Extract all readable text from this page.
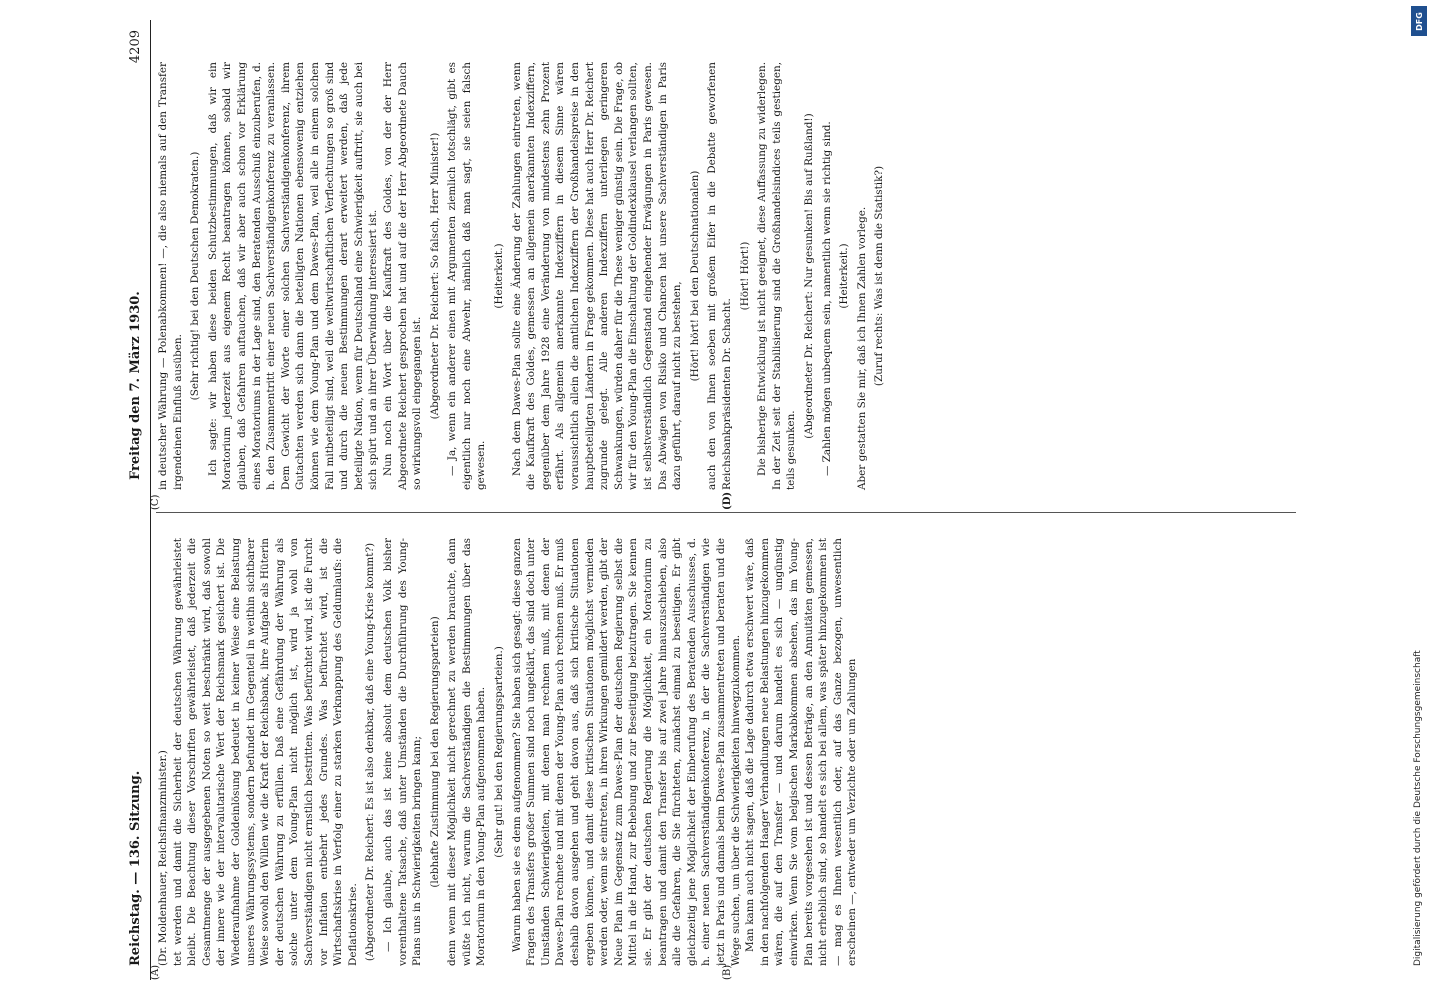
Reichstag. — 136. Sitzung.
Freitag den 7. März 1930.
4209
(A)	(B)
(C)	(D)

(Dr. Moldenhauer, Reichsfinanzminister.) tet werden und damit die Sicherheit der deutschen Währung gewährleistet bleibt. Die Beachtung dieser Vorschriften gewährleistet, daß jederzeit die Gesamtmenge der ausgegebenen Noten so weit beschränkt wird, daß sowohl der innere wie der intervalutarische Wert der Reichsmark gesichert ist. Die Wiederaufnahme der Goldeinlösung bedeutet in keiner Weise eine Belastung unseres Währungssystems, sondern befundet im Gegenteil in weithin sichtbarer Weise sowohl den Willen wie die Kraft der Reichsbank, ihre Aufgabe als Hüterin der deutschen Währung zu erfüllen. Daß eine Gefährdung der Währung als solche unter dem Young-Plan nicht möglich ist, wird ja wohl von Sachverständigen nicht ernstlich bestritten. Was befürchtet wird, ist die Furcht vor Inflation entbehrt jedes Grundes. Was befürchtet wird, ist die Wirtschaftskrise in Verfolg einer zu starken Verknappung des Geldumlaufs: die Deflationskrise. (Abgeordneter Dr. Reichert: Es ist also denkbar, daß eine Young-Krise kommt?) — Ich glaube, auch das ist keine absolut dem deutschen Volk bisher vorenthaltene Tatsache, daß unter Umständen die Durchführung des Young-Plans uns in Schwierigkeiten bringen kann; (lebhafte Zustimmung bei den Regierungsparteien) denn wenn mit dieser Möglichkeit nicht gerechnet zu werden brauchte, dann wüßte ich nicht, warum die Sachverständigen die Bestimmungen über das Moratorium in den Young-Plan aufgenommen haben. (Sehr gut! bei den Regierungsparteien.) Warum haben sie es denn aufgenommen? Sie haben sich gesagt: diese ganzen Fragen des Transfers großer Summen sind noch ungeklärt, das sind doch unter Umständen Schwierigkeiten, mit denen man rechnen muß, mit denen der Dawes-Plan rechnete und mit denen der Young-Plan auch rechnen muß. Er muß deshalb davon ausgehen und geht davon aus, daß sich kritische Situationen ergeben können, und damit diese kritischen Situationen möglichst vermieden werden oder, wenn sie eintreten, in ihren Wirkungen gemildert werden, gibt der Neue Plan im Gegensatz zum Dawes-Plan der deutschen Regierung selbst die Mittel in die Hand, zur Behebung und zur Beseitigung beizutragen. Sie kennen sie. Er gibt der deutschen Regierung die Möglichkeit, ein Moratorium zu beantragen und damit den Transfer bis auf zwei Jahre hinauszuschieben, also alle die Gefahren, die Sie fürchteten, zunächst einmal zu beseitigen. Er gibt gleichzeitig jene Möglichkeit der Einberufung des Beratenden Ausschusses, d. h. einer neuen Sachverständigenkonferenz, in der die Sachverständigen wie jetzt in Paris und damals beim Dawes-Plan zusammentreten und beraten und die Wege suchen, um über die Schwierigkeiten hinwegzukommen. Man kann auch nicht sagen, daß die Lage dadurch etwa erschwert wäre, daß in den nachfolgenden Haager Verhandlungen neue Belastungen hinzugekommen wären, die auf den Transfer — und darum handelt es sich — ungünstig einwirken. Wenn Sie vom belgischen Markabkommen absehen, das im Young-Plan bereits vorgesehen ist und dessen Beträge, an den Annuitäten gemessen, nicht erheblich sind, so handelt es sich bei allem, was später hinzugekommen ist — mag es Ihnen wesentlich oder, auf das Ganze bezogen, unwesentlich erscheinen —, entweder um Verzichte oder um Zahlungen

in deutscher Währung — Polenabkommen! —, die also niemals auf den Transfer irgendeinen Einfluß ausüben.

(Sehr richtig! bei den Deutschen Demokraten.) Ich sagte: wir haben diese beiden Schutzbestimmungen, daß wir ein Moratorium jederzeit aus eigenem Recht beantragen können, sobald wir glauben, daß Gefahren auftauchen, daß wir aber auch schon vor Erklärung eines Moratoriums in der Lage sind, den Beratenden Ausschuß einzuberufen, d. h. den Zusammentritt einer neuen Sachverständigenkonferenz zu veranlassen. Dem Gewicht der Worte einer solchen Sachverständigenkonferenz, ihrem Gutachten werden sich dann die beteiligten Nationen ebensowenig entziehen können wie dem Young-Plan und dem Dawes-Plan, weil alle in einem solchen Fall mitbeteiligt sind, weil die weltwirtschaftlichen Verflechtungen so groß sind und durch die neuen Bestimmungen derart erweitert werden, daß jede beteiligte Nation, wenn für Deutschland eine Schwierigkeit auftritt, sie auch bei sich spürt und an ihrer Überwindung interessiert ist. Nun noch ein Wort über die Kaufkraft des Goldes, von der der Herr Abgeordnete Reichert gesprochen hat und auf die der Herr Abgeordnete Dauch so wirkungsvoll eingegangen ist. (Abgeordneter Dr. Reichert: So falsch, Herr Minister!) — Ja, wenn ein anderer einen mit Argumenten ziemlich totschlägt, gibt es eigentlich nur noch eine Abwehr, nämlich daß man sagt, sie seien falsch gewesen.

(Heiterkeit.) Nach dem Dawes-Plan sollte eine Änderung der Zahlungen eintreten, wenn die Kaufkraft des Goldes, gemessen an allgemein anerkannten Indexziffern, gegenüber dem Jahre 1928 eine Veränderung von mindestens zehn Prozent erfährt. Als allgemein anerkannte Indexziffern in diesem Sinne wären voraussichtlich allein die amtlichen Indexziffern der Großhandelspreise in den hauptbeteiligten Ländern in Frage gekommen. Diese hat auch Herr Dr. Reichert zugrunde gelegt. Alle anderen Indexziffern unterliegen geringeren Schwankungen, würden daher für die These weniger günstig sein. Die Frage, ob wir für den Young-Plan die Einschaltung der Goldindexklausel verlangen sollten, ist selbstverständlich Gegenstand eingehender Erwägungen in Paris gewesen. Das Abwägen von Risiko und Chancen hat unsere Sachverständigen in Paris dazu geführt, darauf nicht zu bestehen,

(Hört! hört! bei den Deutschnationalen) auch den von Ihnen soeben mit großem Eifer in die Debatte geworfenen Reichsbankpräsidenten Dr. Schacht.

(Hört! Hört!) Die bisherige Entwicklung ist nicht geeignet, diese Auffassung zu widerlegen. In der Zeit seit der Stabilisierung sind die Großhandelsindices teils gestiegen, teils gesunken.

(Abgeordneter Dr. Reichert: Nur gesunken! Bis auf Rußland!) — Zahlen mögen unbequem sein, namentlich wenn sie richtig sind. (Heiterkeit.) Aber gestatten Sie mir, daß ich Ihnen Zahlen vorlege. (Zuruf rechts: Was ist denn die Statistik?)

DFG
Digitalisierung gefördert durch die Deutsche Forschungsgemeinschaft
